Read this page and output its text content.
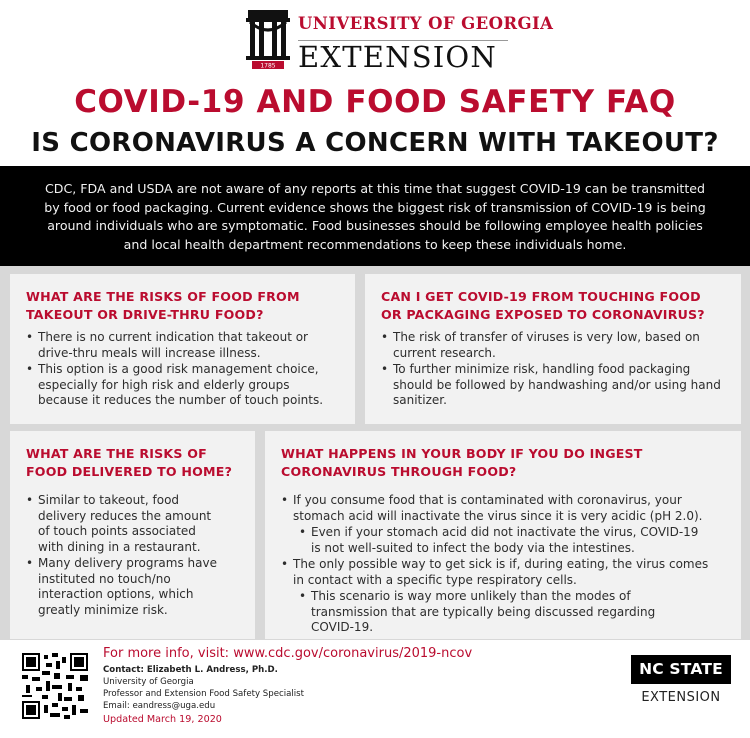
1785
UNIVERSITY OF GEORGIA
EXTENSION
COVID-19 AND FOOD SAFETY FAQ
IS CORONAVIRUS A CONCERN WITH TAKEOUT?
CDC, FDA and USDA are not aware of any reports at this time that suggest COVID-19 can be transmitted
by food or food packaging. Current evidence shows the biggest risk of transmission of COVID-19 is being
around individuals who are symptomatic. Food businesses should be following employee health policies
and local health department recommendations to keep these individuals home.
WHAT ARE THE RISKS OF FOOD FROM
TAKEOUT OR DRIVE-THRU FOOD?
• There is no current indication that takeout or
drive-thru meals will increase illness.
• This option is a good risk management choice,
especially for high risk and elderly groups
because it reduces the number of touch points.
CAN I GET COVID-19 FROM TOUCHING FOOD
OR PACKAGING EXPOSED TO CORONAVIRUS?
• The risk of transfer of viruses is very low, based on
current research.
• To further minimize risk, handling food packaging
should be followed by handwashing and/or using hand
sanitizer.
WHAT ARE THE RISKS OF
FOOD DELIVERED TO HOME?
• Similar to takeout, food
delivery reduces the amount
of touch points associated
with dining in a restaurant.
• Many delivery programs have
instituted no touch/no
interaction options, which
greatly minimize risk.
WHAT HAPPENS IN YOUR BODY IF YOU DO INGEST
CORONAVIRUS THROUGH FOOD?
• If you consume food that is contaminated with coronavirus, your
stomach acid will inactivate the virus since it is very acidic (pH 2.0).
• Even if your stomach acid did not inactivate the virus, COVID-19
is not well-suited to infect the body via the intestines.
• The only possible way to get sick is if, during eating, the virus comes
in contact with a specific type respiratory cells.
• This scenario is way more unlikely than the modes of
transmission that are typically being discussed regarding
COVID-19.
For more info, visit: www.cdc.gov/coronavirus/2019-ncov
Contact: Elizabeth L. Andress, Ph.D.
University of Georgia
Professor and Extension Food Safety Specialist
Email: eandress@uga.edu
Updated March 19, 2020
NC STATE
EXTENSION
